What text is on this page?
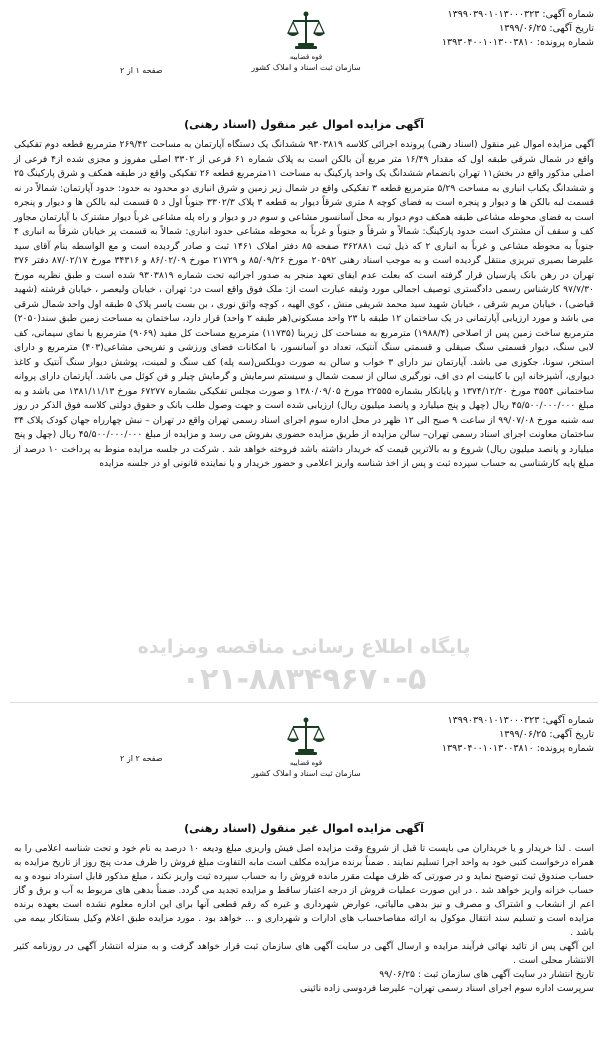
شماره آگهی: ۱۳۹۹۰۳۹۰۱۰۱۳۰۰۰۳۲۳
تاریخ آگهی: ۱۳۹۹/۰۶/۲۵
شماره پرونده: ۱۳۹۳۰۴۰۰۱۰۱۳۰۰۳۸۱۰
قوه قضاییه
سازمان ثبت اسناد و املاک کشور
صفحه ۱ از ۲
آگهی مزایده اموال غیر منقول (اسناد رهنی)

آگهی مزایده اموال غیر منقول (اسناد رهنی) پرونده اجرائی کلاسه ۹۳۰۳۸۱۹ ششدانگ یک دستگاه آپارتمان به مساحت ۲۶۹/۴۲ مترمربع قطعه دوم تفکیکی واقع در شمال شرقی طبقه اول که مقدار ۱۶/۴۹ متر مربع آن بالکن است به پلاک شماره ۶۱ فرعی از ۳۳۰۲ اصلی مفروز و مجزی شده از۴ فرعی از اصلی مذکور واقع در بخش۱۱ تهران بانضمام ششدانگ یک واحد پارکینگ به مساحت ۱۱مترمربع قطعه ۲۶ تفکیکی واقع در طبقه همکف و شرق پارکینگ ۲۵ و ششدانگ یکباب انباری به مساحت ۵/۲۹ مترمربع قطعه ۳ تفکیکی واقع در شمال زیر زمین و شرق انباری دو محدود به حدود: حدود آپارتمان: شمالاً در نه قسمت لبه بالکن ها و دیوار و پنجره است به فضای کوچه ۸ متری شرقاً دیوار به قطعه ۳ پلاک ۳۳۰۲/۳ جنوباً اول د ۵ قسمت لبه بالکن ها و دیوار و پنجره است به فضای محوطه مشاعی طبقه همکف دوم دیوار به محل آسانسور مشاعی و سوم در و دیوار و راه پله مشاعی غرباً دیوار مشترک با آپارتمان مجاور کف و سقف آن مشترک است حدود پارکینگ: شمالاً و شرقاً و جنوباً و غرباً به محوطه مشاعی حدود انباری: شمالاً به قسمت پر خیابان شرقاً به انباری ۴ جنوباً به محوطه مشاعی و غرباً به انباری ۲ که ذیل ثبت ۳۶۲۸۸۱ صفحه ۸۵ دفتر املاک ۱۴۶۱ ثبت و صادر گردیده است و مع الواسطه بنام آقای سید علیرضا بصیری تبریزی منتقل گردیده است و به موجب اسناد رهنی ۲۰۵۹۲ مورخ ۸۵/۰۹/۲۶ و ۲۱۷۲۹ مورخ ۸۶/۰۲/۰۹ و ۳۴۳۱۶ مورخ ۸۷/۰۲/۱۷ دفتر ۳۷۶ تهران در رهن بانک پارسیان قرار گرفته است که بعلت عدم ایفای تعهد منجر به صدور اجرائیه تحت شماره ۹۳۰۳۸۱۹ شده است و طبق نظریه مورخ ۹۷/۷/۳۰ کارشناس رسمی دادگستری توصیف اجمالی مورد وثیقه عبارت است از: ملک فوق واقع است در: تهران ، خیابان ولیعصر ، خیابان قرشته (شهید قیاضی) ، خیابان مریم شرقی ، خیابان شهید سید محمد شریفی منش ، کوی الهیه ، کوچه واثق نوری ، بن بست یاسر پلاک ۵ طبقه اول واحد شمال شرقی می باشد و مورد ارزیابی آپارتمانی در یک ساختمان ۱۲ طبقه با ۲۳ واحد مسکونی(هر طبقه ۲ واحد) قرار دارد، ساختمان به مساحت زمین طبق سند(۲۰۵۰) مترمربع ساخت زمین پس از اصلاحی (۱۹۸۸/۴) مترمربع به مساحت کل زیربنا (۱۱۷۳۵) مترمربع مساحت کل مفید (۹۰۶۹) مترمربع با نمای سیمانی، کف لابی سنگ، دیوار قسمتی سنگ صیقلی و قسمتی سنگ آنتیک، تعداد دو آسانسور، با امکانات فضای ورزشی و تفریحی مشاعی(۴۰۳) مترمربع و دارای استخر، سونا، جکوزی می باشد. آپارتمان نیز دارای ۳ خواب و سالن به صورت دوبلکس(سه پله) کف سنگ و لمینت، پوشش دیوار سنگ آنتیک و کاغذ دیواری، آشپزخانه اپن با کابینت ام دی اف، نورگیری سالن از سمت شمال و سیستم سرمایش و گرمایش چیلر و فن کوئل می باشد. آپارتمان دارای پروانه ساختمانی ۳۵۵۴ مورخ ۱۳۷۴/۱۲/۲۰ و پایانکار بشماره ۲۲۵۵۵ مورخ ۱۳۸۰/۰۹/۰۵ و صورت مجلس تفکیکی بشماره ۶۷۲۷۷ مورخ ۱۳۸۱/۱۱/۱۳ می باشد و به مبلغ ۴۵/۵۰۰/۰۰۰/۰۰۰ ریال (چهل و پنج میلیارد و پانصد میلیون ریال) ارزیابی شده است و جهت وصول طلب بانک و حقوق دولتی کلاسه فوق الذکر در روز سه شنبه مورخ ۹۹/۰۷/۰۸ از ساعت ۹ صبح الی ۱۲ ظهر در محل اداره سوم اجرای اسناد رسمی تهران واقع در تهران – نبش چهارراه جهان کودک پلاک ۳۴ ساختمان معاونت اجرای اسناد رسمی تهران– سالن مزایده از طریق مزایده حضوری بفروش می رسد و مزایده از مبلغ ۴۵/۵۰۰/۰۰۰/۰۰۰ ریال (چهل و پنج میلیارد و پانصد میلیون ریال) شروع و به بالاترین قیمت که خریدار داشته باشد فروخته خواهد شد . شرکت در جلسه مزایده منوط به پرداخت ۱۰ درصد از مبلغ پایه کارشناسی به حساب سپرده ثبت و پس از اخذ شناسه واریز اعلامی و حضور خریدار و یا نماینده قانونی او در جلسه مزایده

پایگاه اطلاع رسانی مناقصه ومزایده
۰۲۱-۸۸۳۴۹۶۷۰-۵
شماره آگهی: ۱۳۹۹۰۳۹۰۱۰۱۳۰۰۰۳۲۳
تاریخ آگهی: ۱۳۹۹/۰۶/۲۵
شماره پرونده: ۱۳۹۳۰۴۰۰۱۰۱۳۰۰۳۸۱۰
قوه قضاییه
سازمان ثبت اسناد و املاک کشور
صفحه ۲ از ۲
آگهی مزایده اموال غیر منقول (اسناد رهنی)

است . لذا خریدار و یا خریداران می بایست تا قبل از شروع وقت مزایده اصل فیش واریزی مبلغ ودیعه ۱۰ درصد به نام خود و تحت شناسه اعلامی را به همراه درخواست کتبی خود به واحد اجرا تسلیم نمایند . ضمناً برنده مزایده مکلف است مابه التفاوت مبلغ فروش را ظرف مدت پنج روز از تاریخ مزایده به حساب صندوق ثبت توضیح نماید و در صورتی که ظرف مهلت مقرر مانده فروش را به حساب سپرده ثبت واریز نکند ، مبلغ مذکور قابل استرداد نبوده و به حساب خزانه واریز خواهد شد . در این صورت عملیات فروش از درجه اعتبار ساقط و مزایده تجدید می گردد. ضمناً بدهی های مربوط به آب و برق و گاز اعم از انشعاب و اشتراک و مصرف و نیز بدهی مالیاتی، عوارض شهرداری و غیره که رقم قطعی آنها برای این اداره معلوم نشده است بعهده برنده مزایده است و تسلیم سند انتقال موکول به ارائه مفاصاحساب های ادارات و شهرداری و ... خواهد بود . مورد مزایده طبق اعلام وکیل بستانکار بیمه می باشد .

این آگهی پس از تائید نهائی فرآیند مزایده و ارسال آگهی در سایت آگهی های سازمان ثبت قرار خواهد گرفت و به منزله انتشار آگهی در روزنامه کثیر الانتشار محلی است .

تاریخ انتشار در سایت آگهی های سازمان ثبت : ۹۹/۰۶/۲۵

سرپرست اداره سوم اجرای اسناد رسمی تهران– علیرضا فردوسی زاده نائینی
